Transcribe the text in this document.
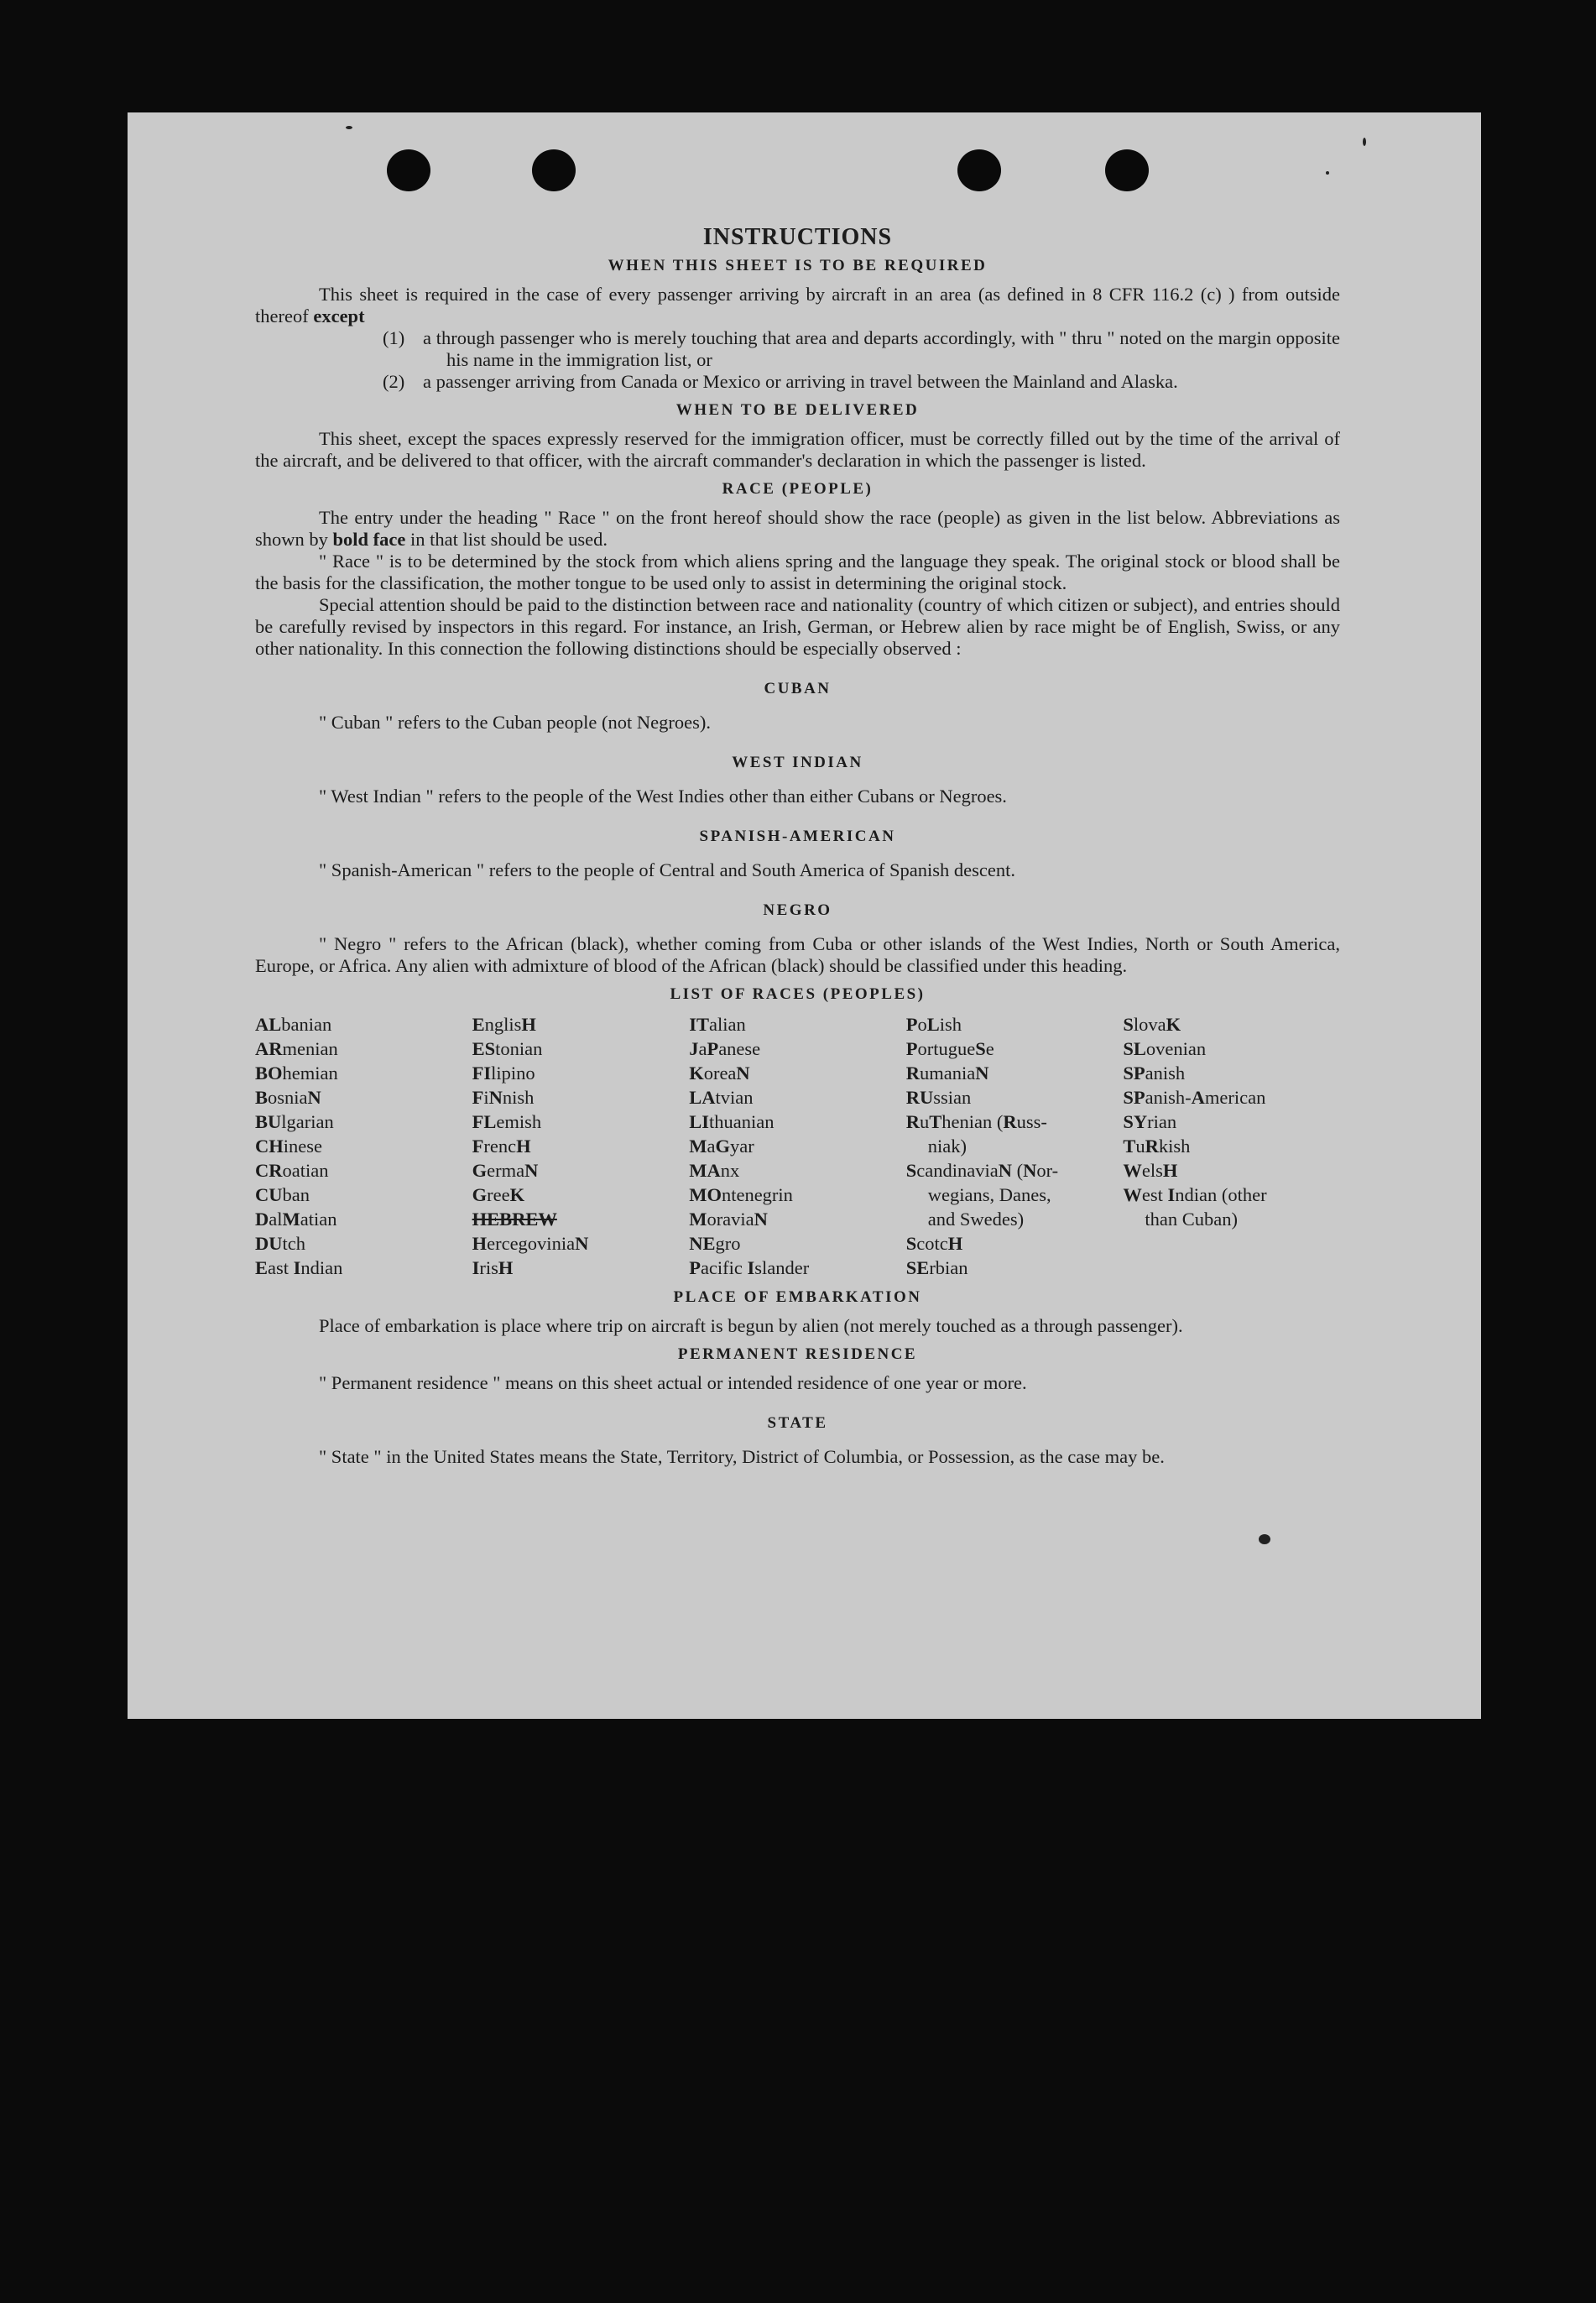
INSTRUCTIONS
WHEN THIS SHEET IS TO BE REQUIRED

This sheet is required in the case of every passenger arriving by aircraft in an area (as defined in 8 CFR 116.2 (c) ) from outside thereof except

(1) a through passenger who is merely touching that area and departs accordingly, with " thru " noted on the margin opposite his name in the immigration list, or
(2) a passenger arriving from Canada or Mexico or arriving in travel between the Mainland and Alaska.
WHEN TO BE DELIVERED

This sheet, except the spaces expressly reserved for the immigration officer, must be correctly filled out by the time of the arrival of the aircraft, and be delivered to that officer, with the aircraft commander's declaration in which the passenger is listed.

RACE (PEOPLE)

The entry under the heading " Race " on the front hereof should show the race (people) as given in the list below. Abbreviations as shown by bold face in that list should be used.

" Race " is to be determined by the stock from which aliens spring and the language they speak. The original stock or blood shall be the basis for the classification, the mother tongue to be used only to assist in determining the original stock.

Special attention should be paid to the distinction between race and nationality (country of which citizen or subject), and entries should be carefully revised by inspectors in this regard. For instance, an Irish, German, or Hebrew alien by race might be of English, Swiss, or any other nationality. In this connection the following distinctions should be especially observed :

CUBAN

" Cuban " refers to the Cuban people (not Negroes).

WEST INDIAN

" West Indian " refers to the people of the West Indies other than either Cubans or Negroes.

SPANISH-AMERICAN

" Spanish-American " refers to the people of Central and South America of Spanish descent.

NEGRO

" Negro " refers to the African (black), whether coming from Cuba or other islands of the West Indies, North or South America, Europe, or Africa. Any alien with admixture of blood of the African (black) should be classified under this heading.

LIST OF RACES (PEOPLES)
ALbanian
ARmenian
BOhemian
BosniaN
BUlgarian
CHinese
CRoatian
CUban
DalMatian
DUtch
East Indian
EnglisH
EStonian
FIlipino
FiNnish
FLemish
FrencH
GermaN
GreeK
HEBREW
HercegoviniaN
IrisH
ITalian
JaPanese
KoreaN
LAtvian
LIthuanian
MaGyar
MAnx
MOntenegrin
MoraviaN
NEgro
Pacific Islander
PoLish
PortugueSe
RumaniaN
RUssian
RuThenian (Russ-
niak)
ScandinaviaN (Nor-
wegians, Danes,
and Swedes)
ScotcH
SErbian
SlovaK
SLovenian
SPanish
SPanish-American
SYrian
TuRkish
WelsH
West Indian (other
than Cuban)
PLACE OF EMBARKATION

Place of embarkation is place where trip on aircraft is begun by alien (not merely touched as a through passenger).

PERMANENT RESIDENCE

" Permanent residence " means on this sheet actual or intended residence of one year or more.

STATE

" State " in the United States means the State, Territory, District of Columbia, or Possession, as the case may be.
